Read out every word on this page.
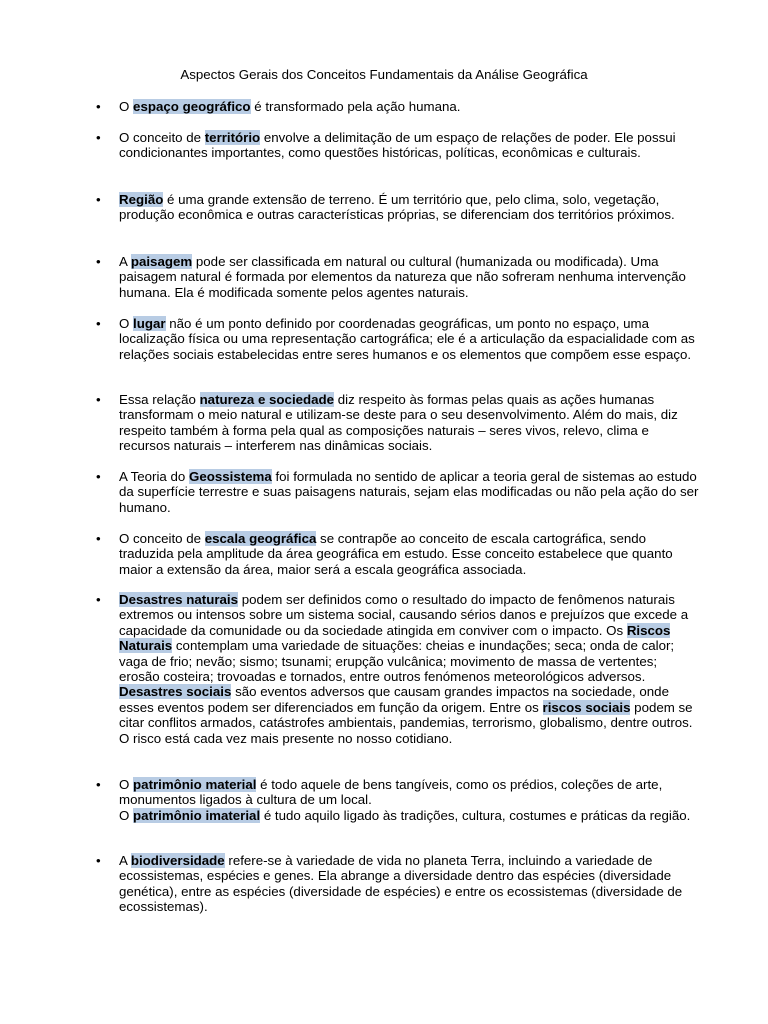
Aspectos Gerais dos Conceitos Fundamentais da Análise Geográfica
• O espaço geográfico é transformado pela ação humana.
• O conceito de território envolve a delimitação de um espaço de relações de poder. Ele possui condicionantes importantes, como questões históricas, políticas, econômicas e culturais.
• Região é uma grande extensão de terreno. É um território que, pelo clima, solo, vegetação, produção econômica e outras características próprias, se diferenciam dos territórios próximos.
• A paisagem pode ser classificada em natural ou cultural (humanizada ou modificada). Uma paisagem natural é formada por elementos da natureza que não sofreram nenhuma intervenção humana. Ela é modificada somente pelos agentes naturais.
• O lugar não é um ponto definido por coordenadas geográficas, um ponto no espaço, uma localização física ou uma representação cartográfica; ele é a articulação da espacialidade com as relações sociais estabelecidas entre seres humanos e os elementos que compõem esse espaço.
• Essa relação natureza e sociedade diz respeito às formas pelas quais as ações humanas transformam o meio natural e utilizam-se deste para o seu desenvolvimento. Além do mais, diz respeito também à forma pela qual as composições naturais – seres vivos, relevo, clima e recursos naturais – interferem nas dinâmicas sociais.
• A Teoria do Geossistema foi formulada no sentido de aplicar a teoria geral de sistemas ao estudo da superfície terrestre e suas paisagens naturais, sejam elas modificadas ou não pela ação do ser humano.
• O conceito de escala geográfica se contrapõe ao conceito de escala cartográfica, sendo traduzida pela amplitude da área geográfica em estudo. Esse conceito estabelece que quanto maior a extensão da área, maior será a escala geográfica associada.
• Desastres naturais podem ser definidos como o resultado do impacto de fenômenos naturais extremos ou intensos sobre um sistema social, causando sérios danos e prejuízos que excede a capacidade da comunidade ou da sociedade atingida em conviver com o impacto. Os Riscos Naturais contemplam uma variedade de situações: cheias e inundações; seca; onda de calor; vaga de frio; nevão; sismo; tsunami; erupção vulcânica; movimento de massa de vertentes; erosão costeira; trovoadas e tornados, entre outros fenómenos meteorológicos adversos.
Desastres sociais são eventos adversos que causam grandes impactos na sociedade, onde esses eventos podem ser diferenciados em função da origem. Entre os riscos sociais podem se citar conflitos armados, catástrofes ambientais, pandemias, terrorismo, globalismo, dentre outros. O risco está cada vez mais presente no nosso cotidiano.
• O patrimônio material é todo aquele de bens tangíveis, como os prédios, coleções de arte, monumentos ligados à cultura de um local.
O patrimônio imaterial é tudo aquilo ligado às tradições, cultura, costumes e práticas da região.
• A biodiversidade refere-se à variedade de vida no planeta Terra, incluindo a variedade de ecossistemas, espécies e genes. Ela abrange a diversidade dentro das espécies (diversidade genética), entre as espécies (diversidade de espécies) e entre os ecossistemas (diversidade de ecossistemas).
